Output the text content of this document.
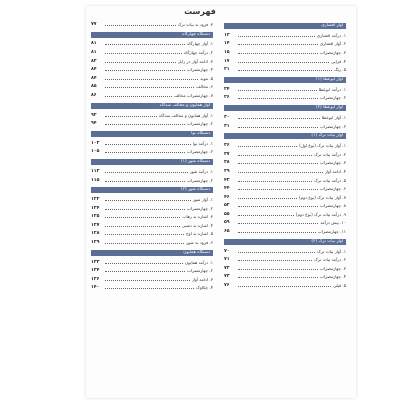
فهرست
آواز افشاری
۱. درآمد افشاری
۱۳
۲. آواز افشاری
۱۴
۳. چهارمضراب
۱۵
۴. قرایی
۱۷
۵. رنگ
۲۱
آواز ابوعطا (۱)
۱. درآمد ابوعطا
۲۴
۲. چهارمضراب
۲۶
آواز ابوعطا (۲)
۱. آواز ابوعطا
۳۰
۲. چهارمضراب
۳۱
آواز بیات ترک (۱)
۱. آواز بیات ترک (نوع اول)
۳۶
۲. درآمد بیات ترک
۳۷
۳. چهارمضراب
۳۸
۴. ادامه آواز
۳۹
۵. درآمد بیات ترک
۴۲
۶. چهارمضراب
۴۴
۷. آواز بیات ترک (نوع دوم)
۴۶
۸. چهارمضراب
۵۲
۹. درآمد بیات ترک (نوع دوم)
۵۵
۱۰. پیش درآمد
۵۹
۱۱. چهارمضراب
۶۵
آواز بیات ترک (۲)
۱. آواز بیات ترک
۷۰
۲. درآمد بیات ترک
۷۱
۳. چهارمضراب
۷۲
۴. چهارمضراب
۷۳
۵. فیلی
۷۶
۳. فرود به بیات ترک
۷۷
دستگاه چهارگاه
۱. آواز چهارگاه
۸۱
۲. درآمد چهارگاه
۸۱
۳. ادامه آواز در زابل
۸۲
۴. چهارمضراب
۸۴
۵. مویه
۸۴
۶. مخالف
۸۵
۷. چهارمضراب مخالف
۸۶
آواز همایون و مخالف سه‌گاه
۱. آواز همایون و مخالف سه‌گاه
۹۲
۲. چهارمضراب
۹۴
دستگاه نوا
۱. درآمد نوا
۱۰۲
۲. چهارمضراب
۱۰۵
دستگاه شور (۱)
۱. درآمد شور
۱۱۲
۲. چهارمضراب
۱۱۵
دستگاه شور (۲)
۱. آواز شور
۱۲۲
۲. چهارمضراب
۱۲۴
۳. اشاره به رهاب
۱۲۵
۴. اشاره به دشتی
۱۲۷
۵. اشاره به اوج
۱۲۸
۶. فرود به شور
۱۲۹
دستگاه همایون
۱. درآمد همایون
۱۳۳
۲. چهارمضراب
۱۳۴
۳. ادامه آواز
۱۳۶
۴. چکاوک
۱۴۰
